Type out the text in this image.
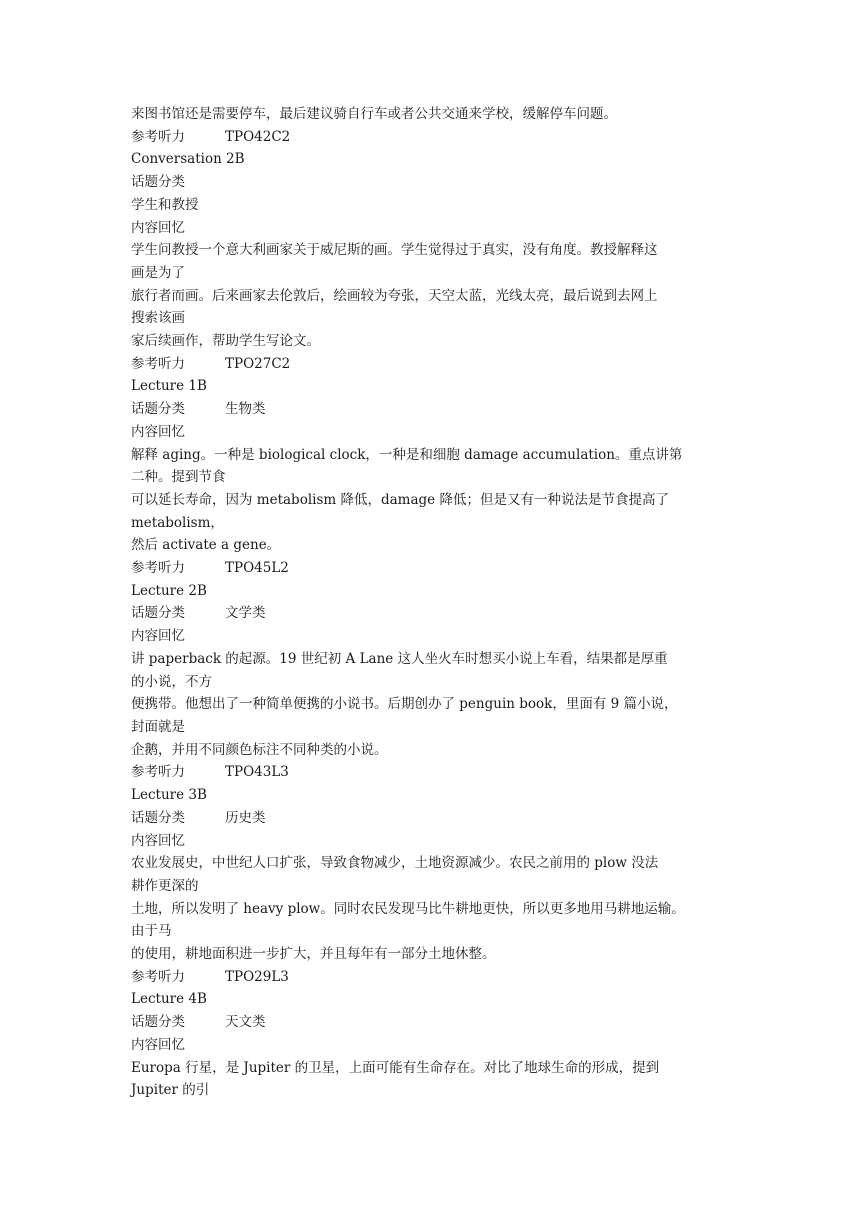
来图书馆还是需要停车，最后建议骑自行车或者公共交通来学校，缓解停车问题。
参考听力	TPO42C2
Conversation 2B
话题分类
学生和教授
内容回忆
学生问教授一个意大利画家关于威尼斯的画。学生觉得过于真实，没有角度。教授解释这
画是为了
旅行者而画。后来画家去伦敦后，绘画较为夸张，天空太蓝，光线太亮，最后说到去网上
搜索该画
家后续画作，帮助学生写论文。
参考听力	TPO27C2
Lecture 1B
话题分类	生物类
内容回忆
解释 aging。一种是 biological clock，一种是和细胞 damage accumulation。重点讲第
二种。提到节食
可以延长寿命，因为 metabolism 降低，damage 降低；但是又有一种说法是节食提高了
metabolism，
然后 activate a gene。
参考听力	TPO45L2
Lecture 2B
话题分类	文学类
内容回忆
讲 paperback 的起源。19 世纪初 A Lane 这人坐火车时想买小说上车看，结果都是厚重
的小说，不方
便携带。他想出了一种简单便携的小说书。后期创办了 penguin book，里面有 9 篇小说，
封面就是
企鹅，并用不同颜色标注不同种类的小说。
参考听力	TPO43L3
Lecture 3B
话题分类	历史类
内容回忆
农业发展史，中世纪人口扩张，导致食物减少，土地资源减少。农民之前用的 plow 没法
耕作更深的
土地，所以发明了 heavy plow。同时农民发现马比牛耕地更快，所以更多地用马耕地运输。
由于马
的使用，耕地面积进一步扩大，并且每年有一部分土地休整。
参考听力	TPO29L3
Lecture 4B
话题分类	天文类
内容回忆
Europa 行星，是 Jupiter 的卫星，上面可能有生命存在。对比了地球生命的形成，提到
Jupiter 的引
